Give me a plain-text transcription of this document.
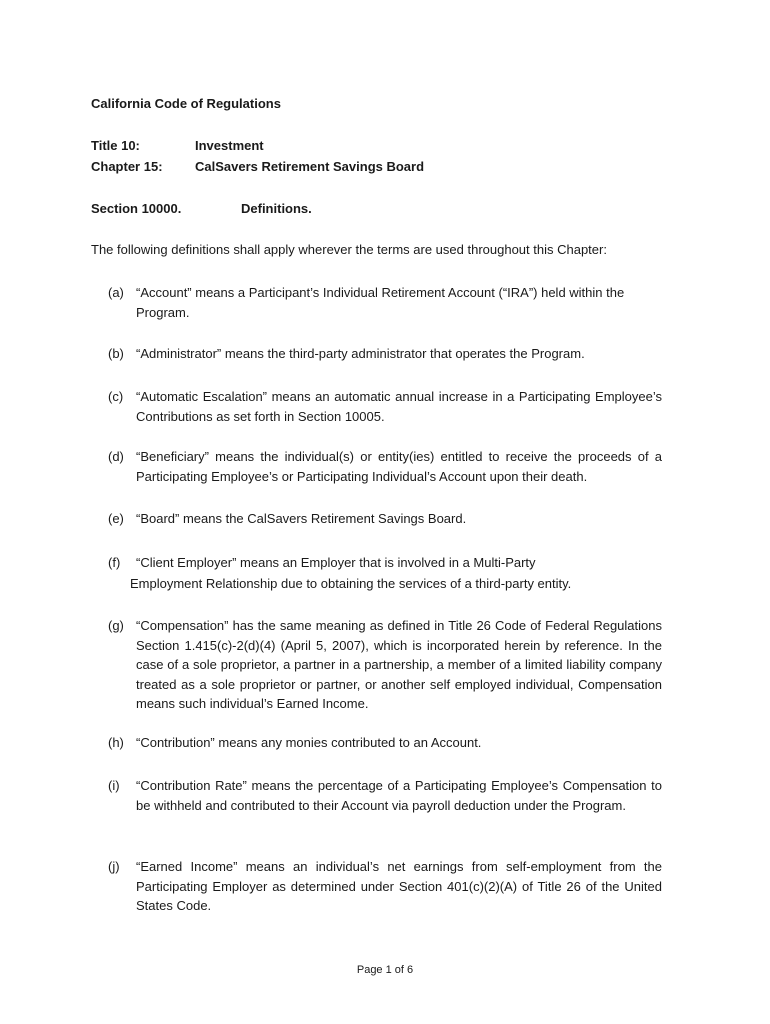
California Code of Regulations
Title 10:	Investment
Chapter 15: CalSavers Retirement Savings Board
Section 10000.	Definitions.
The following definitions shall apply wherever the terms are used throughout this Chapter:
(a) “Account” means a Participant’s Individual Retirement Account (“IRA”) held within the Program.
(b) “Administrator” means the third-party administrator that operates the Program.
(c) “Automatic Escalation” means an automatic annual increase in a Participating Employee’s Contributions as set forth in Section 10005.
(d) “Beneficiary” means the individual(s) or entity(ies) entitled to receive the proceeds of a Participating Employee’s or Participating Individual’s Account upon their death.
(e) “Board” means the CalSavers Retirement Savings Board.
(f) “Client Employer” means an Employer that is involved in a Multi-Party
Employment Relationship due to obtaining the services of a third-party entity.
(g) “Compensation” has the same meaning as defined in Title 26 Code of Federal Regulations Section 1.415(c)-2(d)(4) (April 5, 2007), which is incorporated herein by reference. In the case of a sole proprietor, a partner in a partnership, a member of a limited liability company treated as a sole proprietor or partner, or another self employed individual, Compensation means such individual’s Earned Income.
(h) “Contribution” means any monies contributed to an Account.
(i) “Contribution Rate” means the percentage of a Participating Employee’s Compensation to be withheld and contributed to their Account via payroll deduction under the Program.
(j) “Earned Income” means an individual’s net earnings from self-employment from the Participating Employer as determined under Section 401(c)(2)(A) of Title 26 of the United States Code.
Page 1 of 6
